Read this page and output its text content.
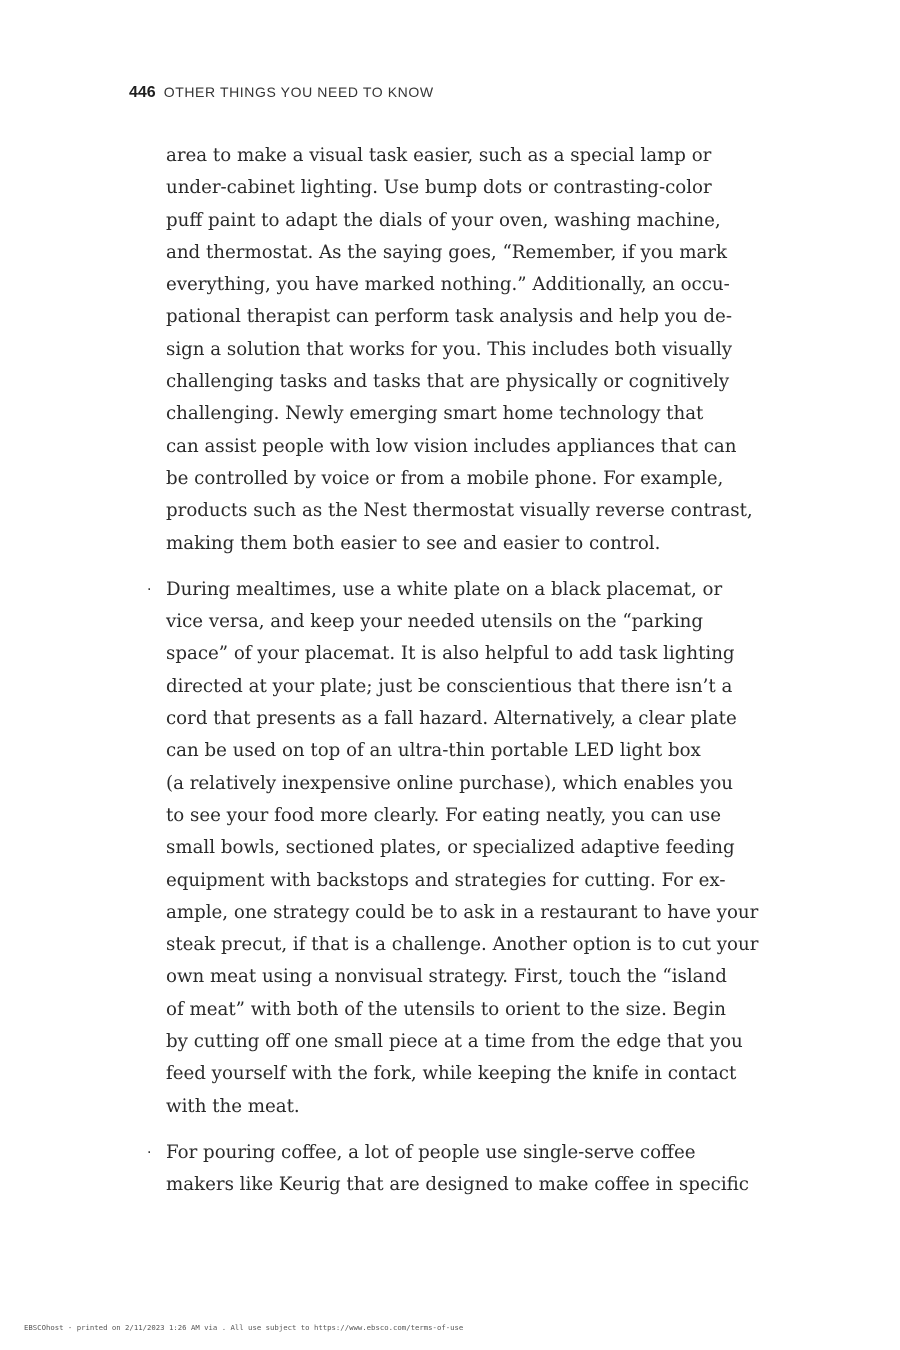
446 OTHER THINGS YOU NEED TO KNOW
area to make a visual task easier, such as a special lamp or
under-cabinet lighting. Use bump dots or contrasting-color
puff paint to adapt the dials of your oven, washing machine,
and thermostat. As the saying goes, “Remember, if you mark
everything, you have marked nothing.” Additionally, an occu-
pational therapist can perform task analysis and help you de-
sign a solution that works for you. This includes both visually
challenging tasks and tasks that are physically or cognitively
challenging. Newly emerging smart home technology that
can assist people with low vision includes appliances that can
be controlled by voice or from a mobile phone. For example,
products such as the Nest thermostat visually reverse contrast,
making them both easier to see and easier to control.
· During mealtimes, use a white plate on a black placemat, or
vice versa, and keep your needed utensils on the “parking
space” of your placemat. It is also helpful to add task lighting
directed at your plate; just be conscientious that there isn’t a
cord that presents as a fall hazard. Alternatively, a clear plate
can be used on top of an ultra-thin portable LED light box
(a relatively inexpensive online purchase), which enables you
to see your food more clearly. For eating neatly, you can use
small bowls, sectioned plates, or specialized adaptive feeding
equipment with backstops and strategies for cutting. For ex-
ample, one strategy could be to ask in a restaurant to have your
steak precut, if that is a challenge. Another option is to cut your
own meat using a nonvisual strategy. First, touch the “island
of meat” with both of the utensils to orient to the size. Begin
by cutting off one small piece at a time from the edge that you
feed yourself with the fork, while keeping the knife in contact
with the meat.
· For pouring coffee, a lot of people use single-serve coffee
makers like Keurig that are designed to make coffee in specific
EBSCOhost - printed on 2/11/2023 1:26 AM via . All use subject to https://www.ebsco.com/terms-of-use
